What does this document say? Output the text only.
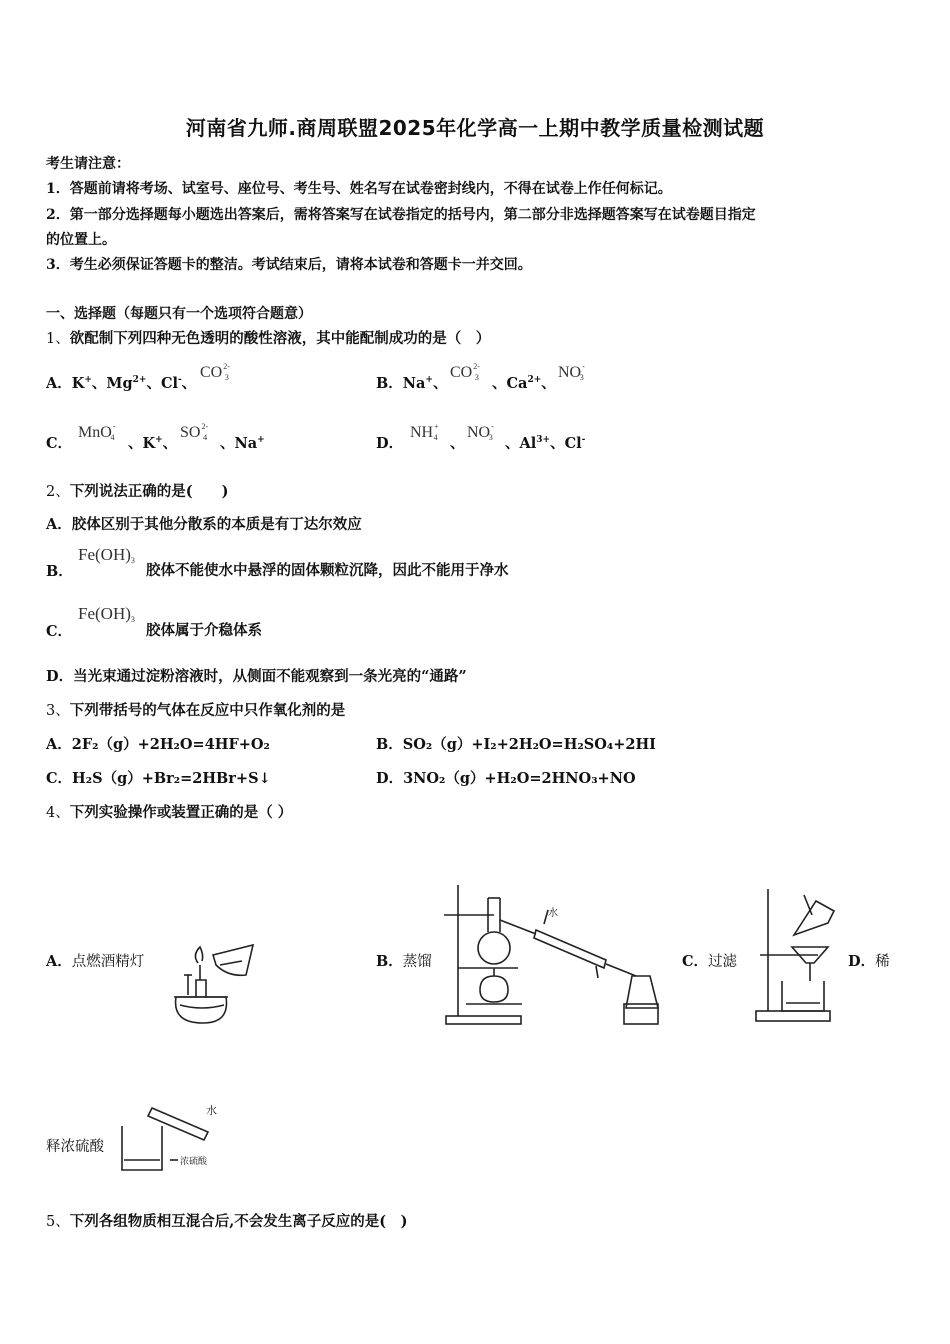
河南省九师.商周联盟2025年化学高一上期中教学质量检测试题
考生请注意：
1．答题前请将考场、试室号、座位号、考生号、姓名写在试卷密封线内，不得在试卷上作任何标记。
2．第一部分选择题每小题选出答案后，需将答案写在试卷指定的括号内，第二部分非选择题答案写在试卷题目指定
的位置上。
3．考生必须保证答题卡的整洁。考试结束后，请将本试卷和答题卡一并交回。
一、选择题（每题只有一个选项符合题意）
1、欲配制下列四种无色透明的酸性溶液，其中能配制成功的是（　）
A．K+、$Mg^{2+}$、Cl-、
$CO^{2-}3$	B．Na+、
$CO^{2-}3$ 、$Ca^{2+}$、
NO-3
C．
MnO-4 、K+、
$SO^{2-}4$ 、Na+	D．
NH+4 、
NO-3 、$Al^{3+}$、Cl-
2、下列说法正确的是(　　)
A．胶体区别于其他分散系的本质是有丁达尔效应
B．
Fe(OH)3
胶体不能使水中悬浮的固体颗粒沉降，因此不能用于净水
C．
Fe(OH)3
胶体属于介稳体系
D．当光束通过淀粉溶液时，从侧面不能观察到一条光亮的“通路”
3、下列带括号的气体在反应中只作氧化剂的是
A．2F₂（g）+2H₂O=4HF+O₂	B．SO₂（g）+I₂+2H₂O=H₂SO₄+2HI
C．H₂S（g）+Br₂=2HBr+S↓	D．3NO₂（g）+H₂O=2HNO₃+NO
4、下列实验操作或装置正确的是（ ）
A．点燃酒精灯	B．蒸馏	C．过滤	D．稀
释浓硫酸
水
水
浓硫酸
5、下列各组物质相互混合后,不会发生离子反应的是(　)
